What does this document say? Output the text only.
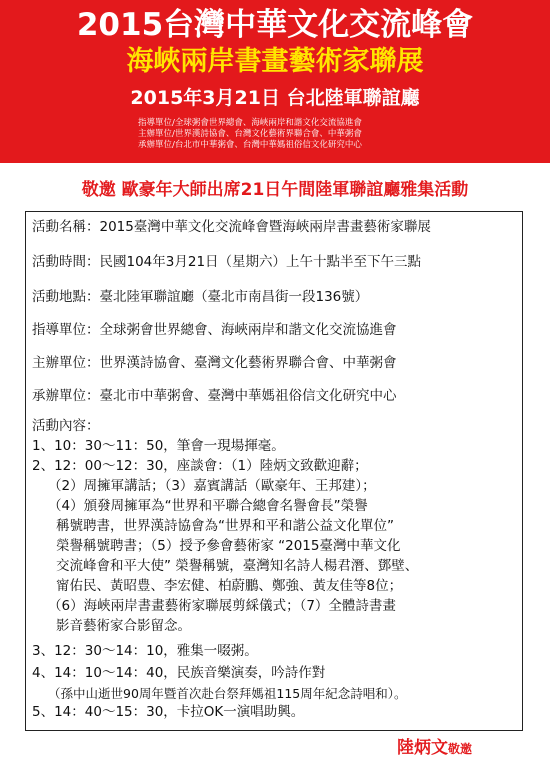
2015台灣中華文化交流峰會
海峽兩岸書畫藝術家聯展
2015年3月21日 台北陸軍聯誼廳
指導單位/全球粥會世界總會、海峽兩岸和諧文化交流協進會
主辦單位/世界漢詩協會、台灣文化藝術界聯合會、中華粥會
承辦單位/台北市中華粥會、台灣中華媽祖俗信文化研究中心
敬邀 歐豪年大師出席21日午間陸軍聯誼廳雅集活動
活動名稱：2015臺灣中華文化交流峰會暨海峽兩岸書畫藝術家聯展
活動時間：民國104年3月21日（星期六）上午十點半至下午三點
活動地點：臺北陸軍聯誼廳（臺北市南昌街一段136號）
指導單位：全球粥會世界總會、海峽兩岸和諧文化交流協進會
主辦單位：世界漢詩協會、臺灣文化藝術界聯合會、中華粥會
承辦單位：臺北市中華粥會、臺灣中華媽祖俗信文化研究中心
活動內容：
1、10：30～11：50，筆會一現場揮毫。
2、12：00～12：30，座談會：（1）陸炳文致歡迎辭；
（2）周擁軍講話；（3）嘉賓講話（歐豪年、王邦建）；
（4）頒發周擁軍為“世界和平聯合總會名譽會長”榮譽
稱號聘書，世界漢詩協會為“世界和平和諧公益文化單位”
榮譽稱號聘書；（5）授予參會藝術家 “2015臺灣中華文化
交流峰會和平大使” 榮譽稱號，臺灣知名詩人楊君潛、鄧壁、
甯佑民、黃昭豊、李宏健、柏蔚鵬、鄭強、黃友佳等8位；
（6）海峽兩岸書畫藝術家聯展剪綵儀式；（7）全體詩書畫
影音藝術家合影留念。
3、12：30～14：10，雅集一啜粥。
4、14：10～14：40，民族音樂演奏，吟詩作對
（孫中山逝世90周年暨首次赴台祭拜媽祖115周年紀念詩唱和）。
陸炳文敬邀
5、14：40～15：30，卡拉OK一演唱助興。
